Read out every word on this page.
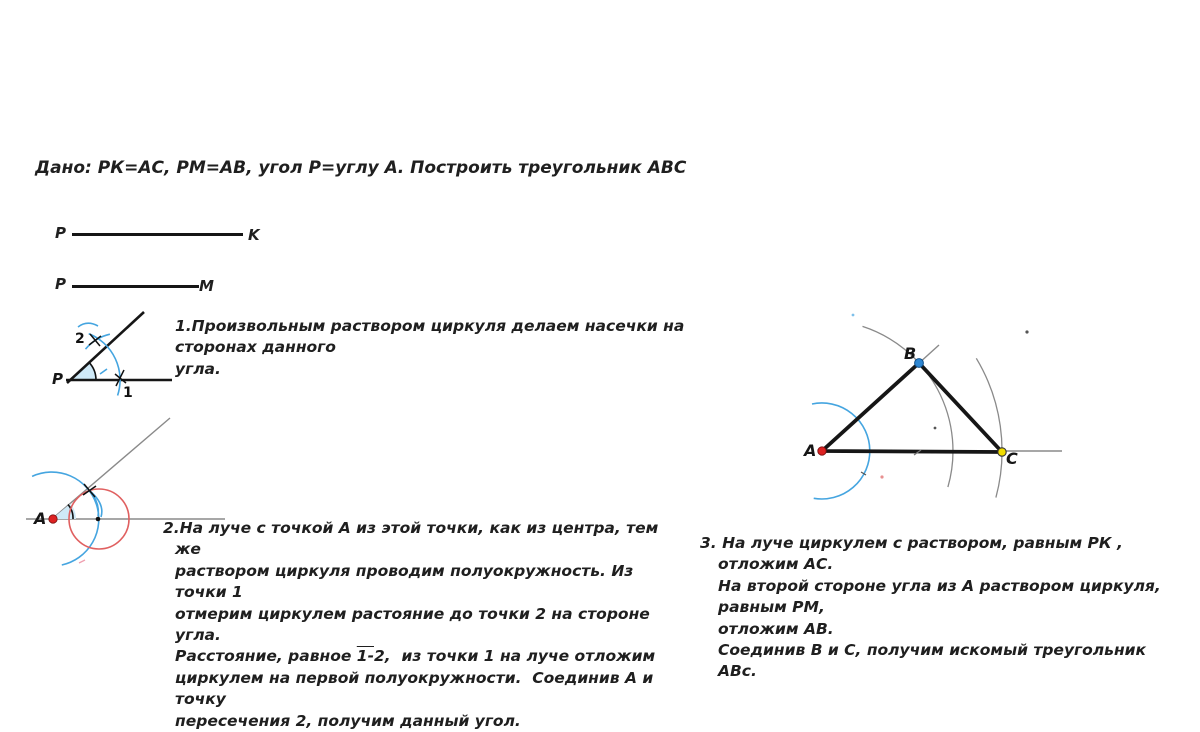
Дано: РК=АС, РМ=АВ, угол Р=углу А. Построить треугольник АВС
P	K
P	M
P
2
1
1.Произвольным раствором циркуля делаем насечки на сторонах данного
угла.
A	2.На луче с точкой А из этой точки, как из центра, тем же
раствором циркуля проводим полуокружность. Из точки 1
отмерим циркулем растояние до точки 2 на стороне угла.
Расстояние, равное 1-2,  из точки 1 на луче отложим
циркулем на первой полуокружности.  Соединив А и точку
пересечения 2, получим данный угол.
A
B
C
3. На луче циркулем с раствором, равным РК , отложим АС.
На второй стороне угла из А раствором циркуля, равным РМ,
отложим АВ.
Соединив В и С, получим искомый треугольник АВс.
